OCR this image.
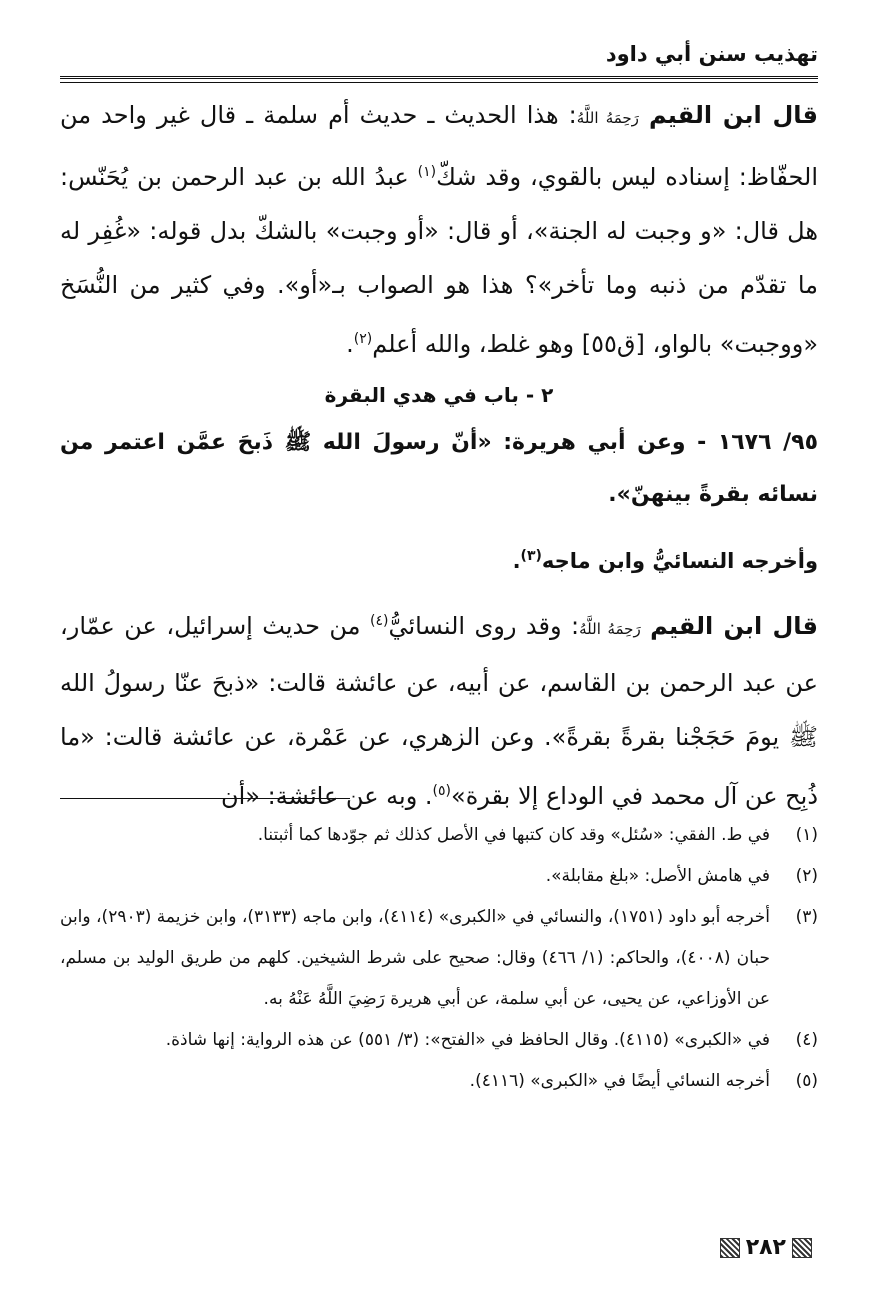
تهذيب سنن أبي داود

قال ابن القيم رَحِمَهُ اللَّهُ: هذا الحديث ـ حديث أم سلمة ـ قال غير واحد من الحفّاظ: إسناده ليس بالقوي، وقد شكّ$^{(١)}$ عبدُ الله بن عبد الرحمن بن يُحَنّس: هل قال: «و وجبت له الجنة»، أو قال: «أو وجبت» بالشكّ بدل قوله: «غُفِر له ما تقدّم من ذنبه وما تأخر»؟ هذا هو الصواب بـ«أو». وفي كثير من النُّسَخ «ووجبت» بالواو، [ق٥٥] وهو غلط، والله أعلم$^{(٢)}$.

٢ - باب في هدي البقرة

٩٥/ ١٦٧٦ - وعن أبي هريرة: «أنّ رسولَ الله ﷺ ذَبحَ عمَّن اعتمر من نسائه بقرةً بينهنّ».

وأخرجه النسائيُّ وابن ماجه$^{(٣)}$.

قال ابن القيم رَحِمَهُ اللَّهُ: وقد روى النسائيُّ$^{(٤)}$ من حديث إسرائيل، عن عمّار، عن عبد الرحمن بن القاسم، عن أبيه، عن عائشة قالت: «ذبحَ عنّا رسولُ الله ﷺ يومَ حَجَجْنا بقرةً بقرةً». وعن الزهري، عن عَمْرة، عن عائشة قالت: «ما ذُبِح عن آل محمد في الوداع إلا بقرة»$^{(٥)}$. وبه عن عائشة: «أن

(١)
في ط. الفقي: «سُئل» وقد كان كتبها في الأصل كذلك ثم جوّدها كما أثبتنا.
(٢)
في هامش الأصل: «بلغ مقابلة».
(٣)
أخرجه أبو داود (١٧٥١)، والنسائي في «الكبرى» (٤١١٤)، وابن ماجه (٣١٣٣)، وابن خزيمة (٢٩٠٣)، وابن حبان (٤٠٠٨)، والحاكم: (١/ ٤٦٦) وقال: صحيح على شرط الشيخين. كلهم من طريق الوليد بن مسلم، عن الأوزاعي، عن يحيى، عن أبي سلمة، عن أبي هريرة رَضِيَ اللَّهُ عَنْهُ به.
(٤)
في «الكبرى» (٤١١٥). وقال الحافظ في «الفتح»: (٣/ ٥٥١) عن هذه الرواية: إنها شاذة.
(٥)
أخرجه النسائي أيضًا في «الكبرى» (٤١١٦).
٢٨٢
